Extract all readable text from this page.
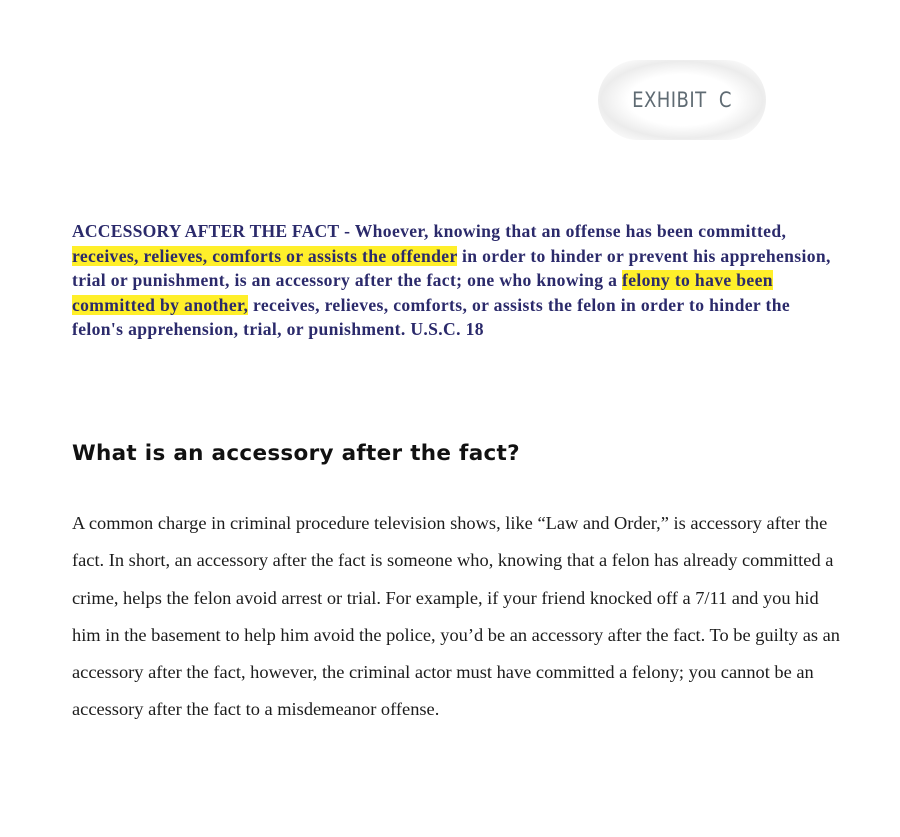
EXHIBIT  C

ACCESSORY AFTER THE FACT - Whoever, knowing that an offense has been committed, receives, relieves, comforts or assists the offender in order to hinder or prevent his apprehension, trial or punishment, is an accessory after the fact; one who knowing a felony to have been committed by another, receives, relieves, comforts, or assists the felon in order to hinder the felon's apprehension, trial, or punishment. U.S.C. 18

What is an accessory after the fact?

A common charge in criminal procedure television shows, like “Law and Order,” is accessory after the fact. In short, an accessory after the fact is someone who, knowing that a felon has already committed a crime, helps the felon avoid arrest or trial. For example, if your friend knocked off a 7/11 and you hid him in the basement to help him avoid the police, you’d be an accessory after the fact. To be guilty as an accessory after the fact, however, the criminal actor must have committed a felony; you cannot be an accessory after the fact to a misdemeanor offense.
